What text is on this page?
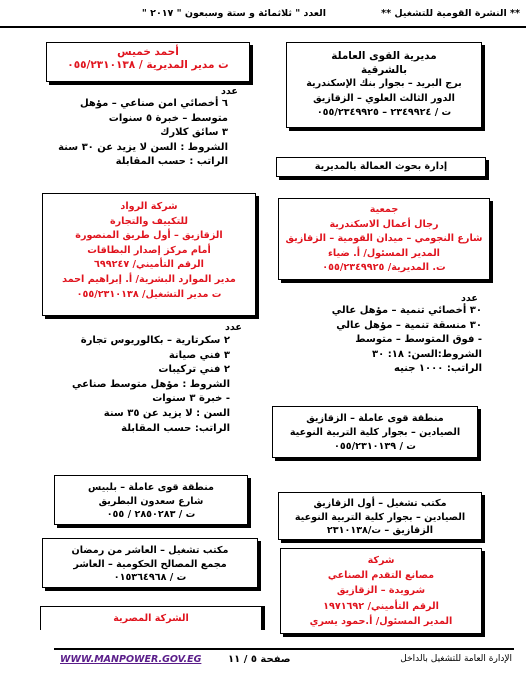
** النشرة القومية للتشغيل **
العدد " ثلاثمائة و ستة وسبعون " ٢٠١٧ "
أحمد خميس
ت مدير المديرية / ٠٥٥/٢٣١٠١٣٨
عدد
٦ أخصائي امن صناعي – مؤهل
متوسط – خبرة ٥ سنوات
٣ سائق كلارك
الشروط : السن لا يزيد عن ٣٠ سنة
الراتب : حسب المقابلة
شركة الرواد
للتكييف والتجارة
الزقازيق – أول طريق المنصورة
أمام مركز إصدار البطاقات
الرقم التأميني/ ٦٩٩٢٤٧
مدير الموارد البشرية/ أ. إبراهيم احمد
ت مدير التشغيل/ ٠٥٥/٢٣١٠١٣٨
عدد
٢ سكرتارية – بكالوريوس تجارة
٣ فني صيانة
٢ فني تركيبات
الشروط : مؤهل متوسط صناعي
- خبرة ٣ سنوات
السن : لا يزيد عن ٣٥ سنة
الراتب: حسب المقابلة
منطقة قوى عاملة – بلبيس
شارع سعدون البطريق
ت / ٢٨٥٠٢٨٣ / ٠٥٥
مكتب تشغيل – العاشر من رمضان
مجمع المصالح الحكومية – العاشر
ت / ٠١٥٣٦٤٩٦٨
الشركة المصرية
مديرية القوى العاملة
بالشرقية
برج البريد – بجوار بنك الإسكندرية
الدور الثالث العلوي – الزقازيق
ت / ٢٣٤٩٩٢٤ – ٠٥٥/٢٣٤٩٩٢٥
إدارة بحوث العمالة بالمديرية
جمعية
رجال أعمال الاسكندرية
شارع النجومي – ميدان القومية – الزقازيق
المدير المسئول/ أ. ضياء
ت. المديرية/ ٠٥٥/٢٣٤٩٩٢٥
عدد
٣٠ أخصائي تنمية – مؤهل عالي
٣٠ منسقة تنمية – مؤهل عالي
- فوق المتوسط – متوسط
الشروط:السن: ١٨: ٣٠
الراتب: ١٠٠٠ جنيه
منطقة قوى عاملة – الزقازيق
الصيادين – بجوار كلية التربية النوعية
ت / ٠٥٥/٢٣١٠١٣٩
مكتب تشغيل – أول الزقازيق
الصيادين – بجوار كلية التربية النوعية
الزقازيق – ت/٢٣١٠١٣٨
شركة
مصانع التقدم الصناعي
شرويدة – الزقازيق
الرقم التأميني/ ١٩٧١٦٩٢
المدير المسئول/ أ.حمود يسري
WWW.MANPOWER.GOV.EG	صفحة ٥ / ١١	الإدارة العامة للتشغيل بالداخل
